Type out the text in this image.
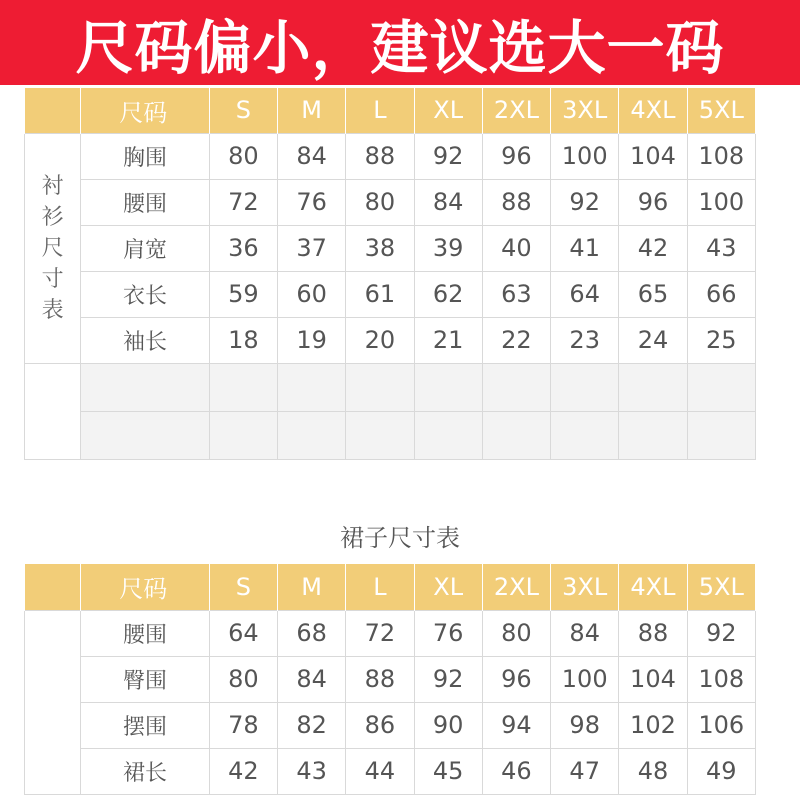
尺码偏小，建议选大一码
	尺码	S	M	L	XL	2XL	3XL	4XL	5XL
衬衫尺寸表	胸围	80	84	88	92	96	100	104	108
	腰围	72	76	80	84	88	92	96	100
	肩宽	36	37	38	39	40	41	42	43
	衣长	59	60	61	62	63	64	65	66
	袖长	18	19	20	21	22	23	24	25

裙子尺寸表
	尺码	S	M	L	XL	2XL	3XL	4XL	5XL
	腰围	64	68	72	76	80	84	88	92
	臀围	80	84	88	92	96	100	104	108
	摆围	78	82	86	90	94	98	102	106
	裙长	42	43	44	45	46	47	48	49
